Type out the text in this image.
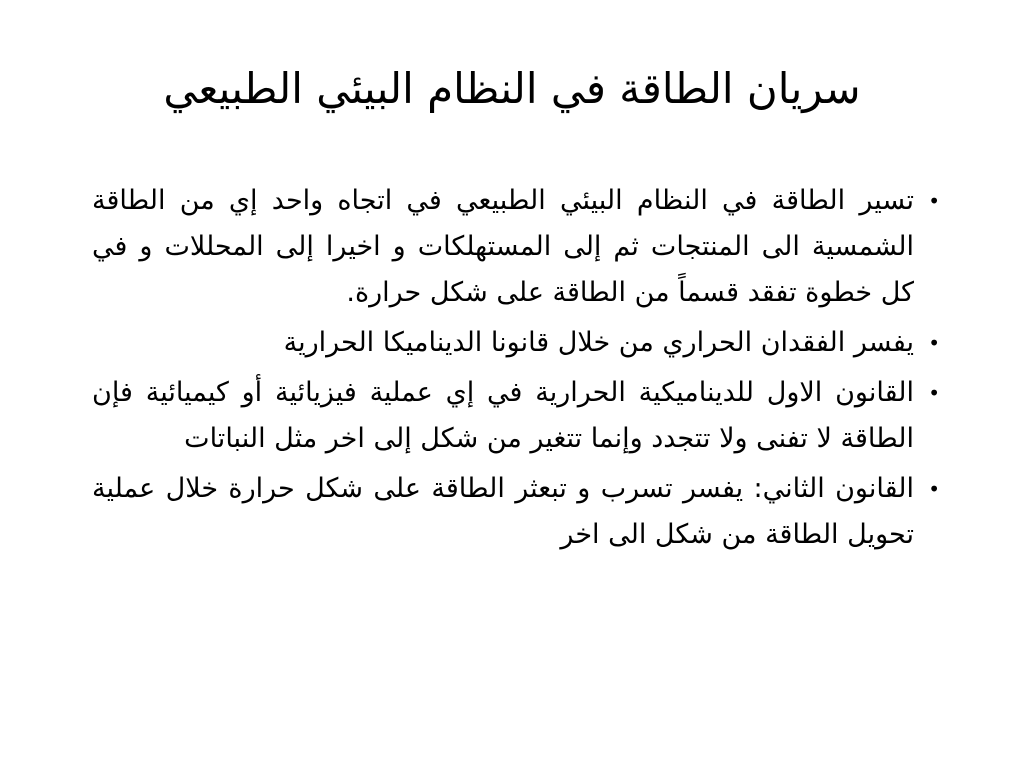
سريان الطاقة في النظام البيئي الطبيعي
•
تسير الطاقة في النظام البيئي الطبيعي في اتجاه واحد إي من الطاقة الشمسية الى المنتجات ثم إلى المستهلكات و اخيرا إلى المحللات و في كل خطوة تفقد قسماً من الطاقة على شكل حرارة.
•
يفسر الفقدان الحراري من خلال قانونا الديناميكا الحرارية
•
القانون الاول للديناميكية الحرارية في إي عملية فيزيائية أو كيميائية فإن الطاقة لا تفنى ولا تتجدد وإنما تتغير من شكل إلى اخر مثل النباتات
•
القانون الثاني: يفسر تسرب و تبعثر الطاقة على شكل حرارة خلال عملية تحويل الطاقة من شكل الى اخر
